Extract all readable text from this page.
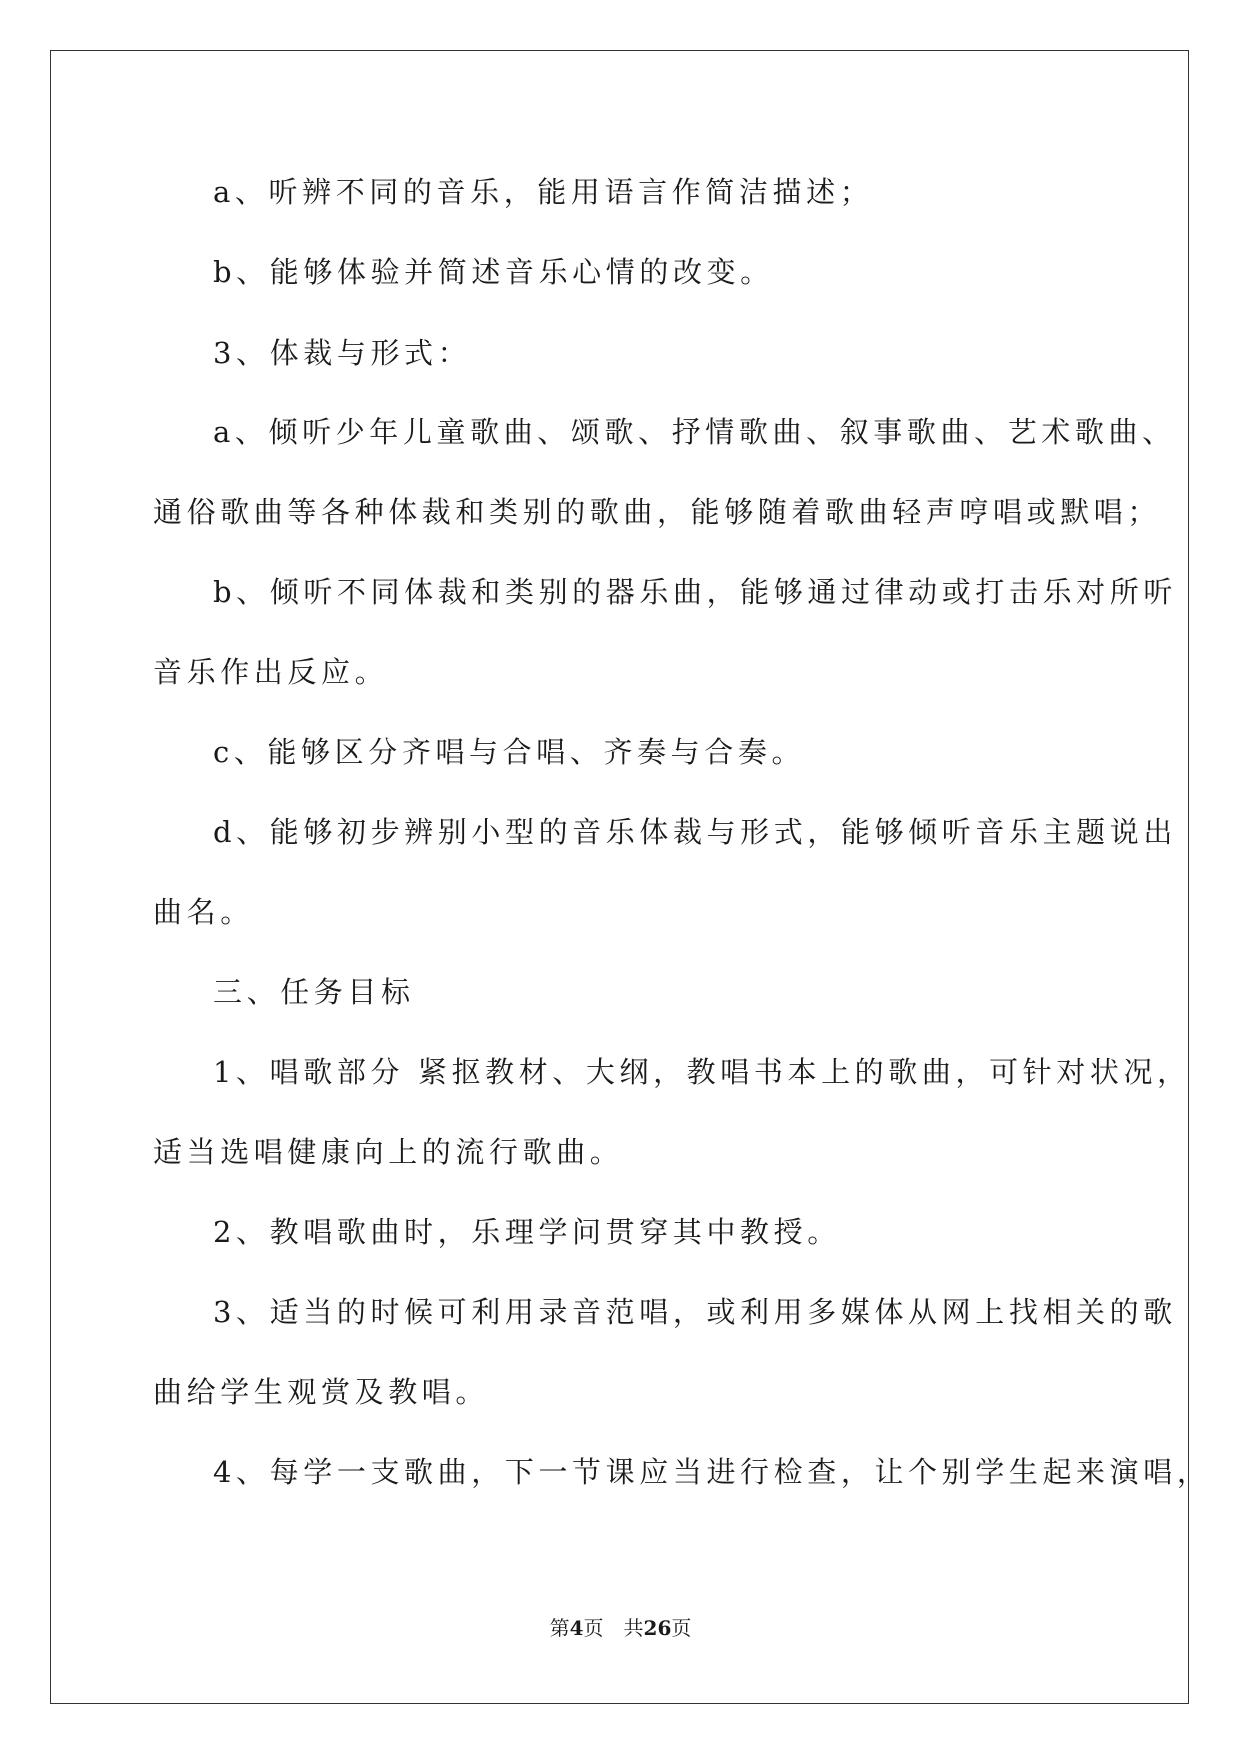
a、听辨不同的音乐，能用语言作简洁描述；
b、能够体验并简述音乐心情的改变。
3、体裁与形式：
a、倾听少年儿童歌曲、颂歌、抒情歌曲、叙事歌曲、艺术歌曲、
通俗歌曲等各种体裁和类别的歌曲，能够随着歌曲轻声哼唱或默唱；
b、倾听不同体裁和类别的器乐曲，能够通过律动或打击乐对所听
音乐作出反应。
c、能够区分齐唱与合唱、齐奏与合奏。
d、能够初步辨别小型的音乐体裁与形式，能够倾听音乐主题说出
曲名。
三、任务目标
1、唱歌部分 紧抠教材、大纲，教唱书本上的歌曲，可针对状况，
适当选唱健康向上的流行歌曲。
2、教唱歌曲时，乐理学问贯穿其中教授。
3、适当的时候可利用录音范唱，或利用多媒体从网上找相关的歌
曲给学生观赏及教唱。
4、每学一支歌曲，下一节课应当进行检查，让个别学生起来演唱，
第4页　共26页
